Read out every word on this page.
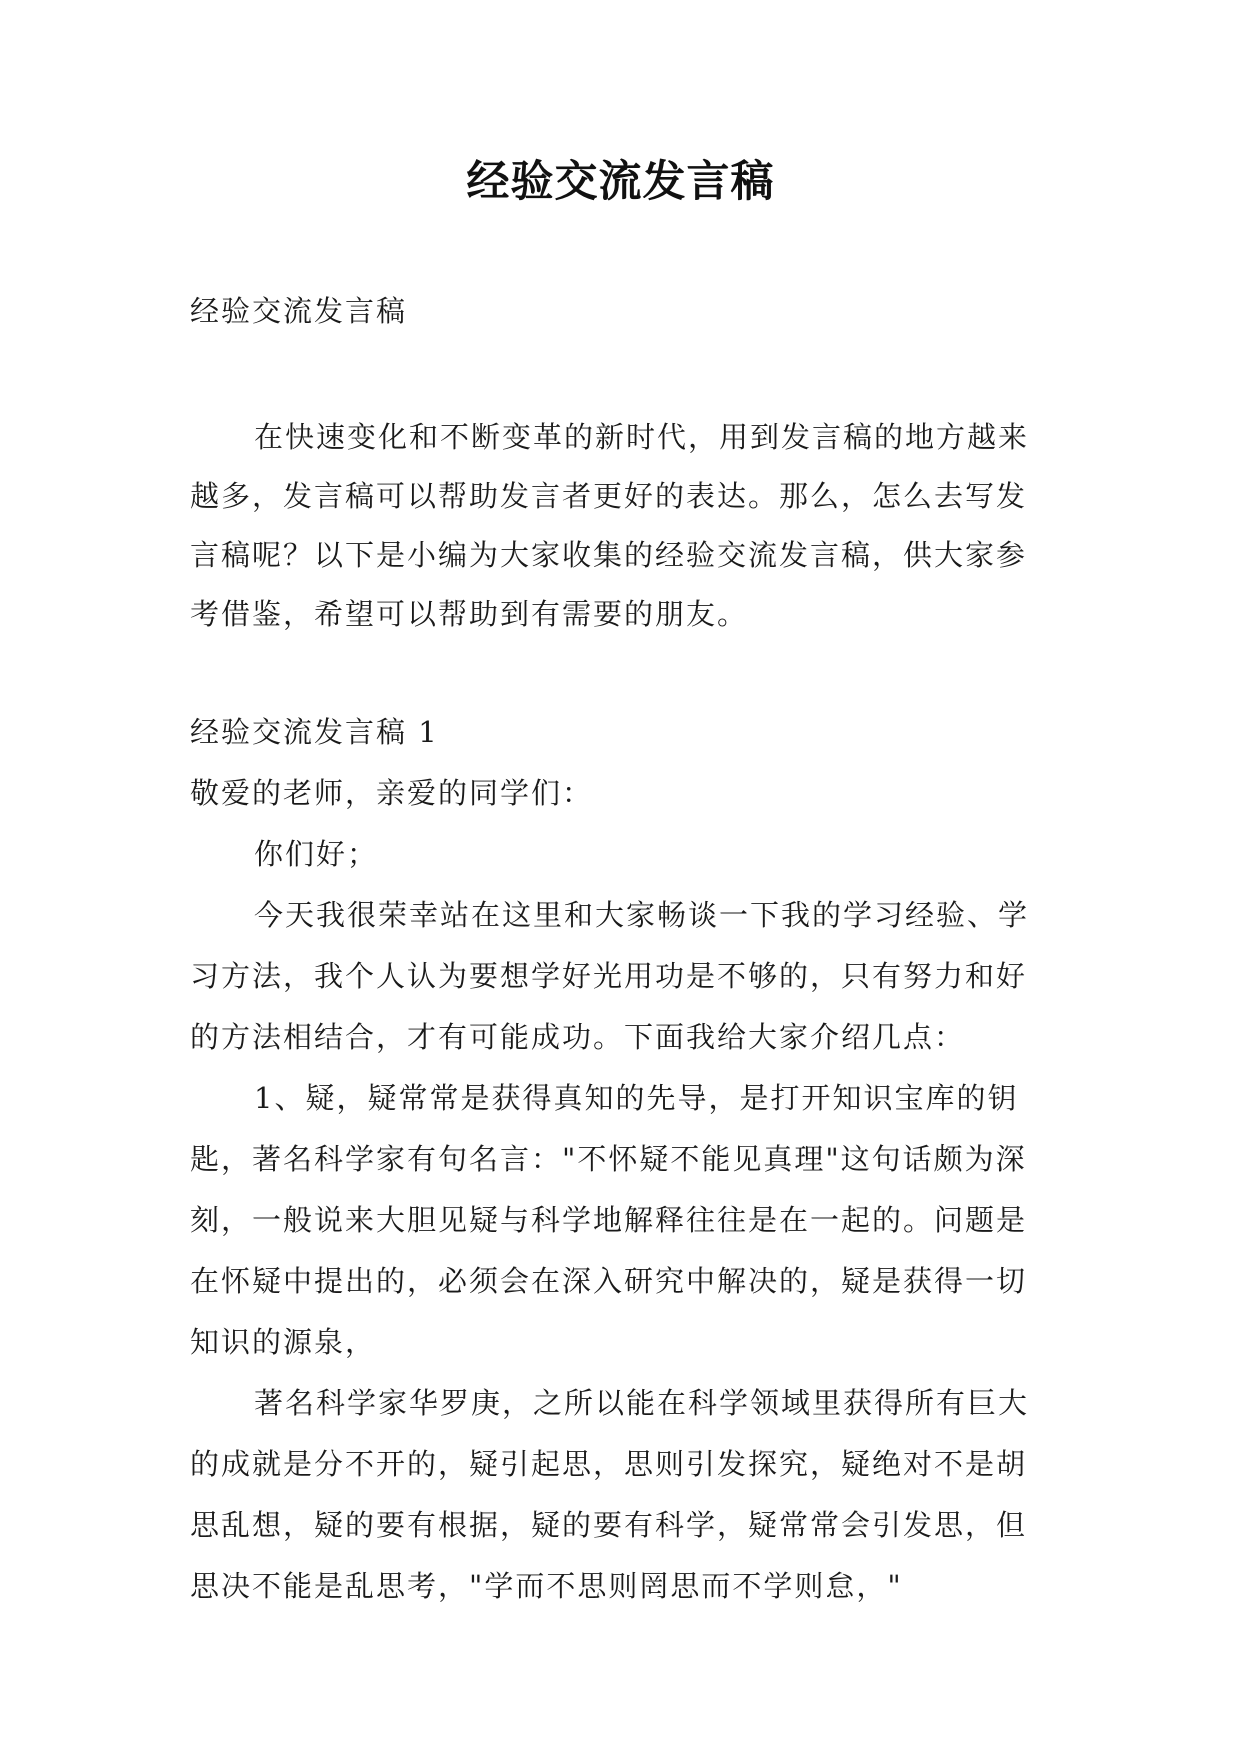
经验交流发言稿
经验交流发言稿

在快速变化和不断变革的新时代，用到发言稿的地方越来越多，发言稿可以帮助发言者更好的表达。那么，怎么去写发言稿呢？以下是小编为大家收集的经验交流发言稿，供大家参考借鉴，希望可以帮助到有需要的朋友。

经验交流发言稿 1

敬爱的老师，亲爱的同学们：

你们好；

今天我很荣幸站在这里和大家畅谈一下我的学习经验、学习方法，我个人认为要想学好光用功是不够的，只有努力和好的方法相结合，才有可能成功。下面我给大家介绍几点：

1、疑，疑常常是获得真知的先导，是打开知识宝库的钥匙，著名科学家有句名言："不怀疑不能见真理"这句话颇为深刻，一般说来大胆见疑与科学地解释往往是在一起的。问题是在怀疑中提出的，必须会在深入研究中解决的，疑是获得一切知识的源泉，

著名科学家华罗庚，之所以能在科学领域里获得所有巨大的成就是分不开的，疑引起思，思则引发探究，疑绝对不是胡思乱想，疑的要有根据，疑的要有科学，疑常常会引发思，但思决不能是乱思考，"学而不思则罔思而不学则怠，"
